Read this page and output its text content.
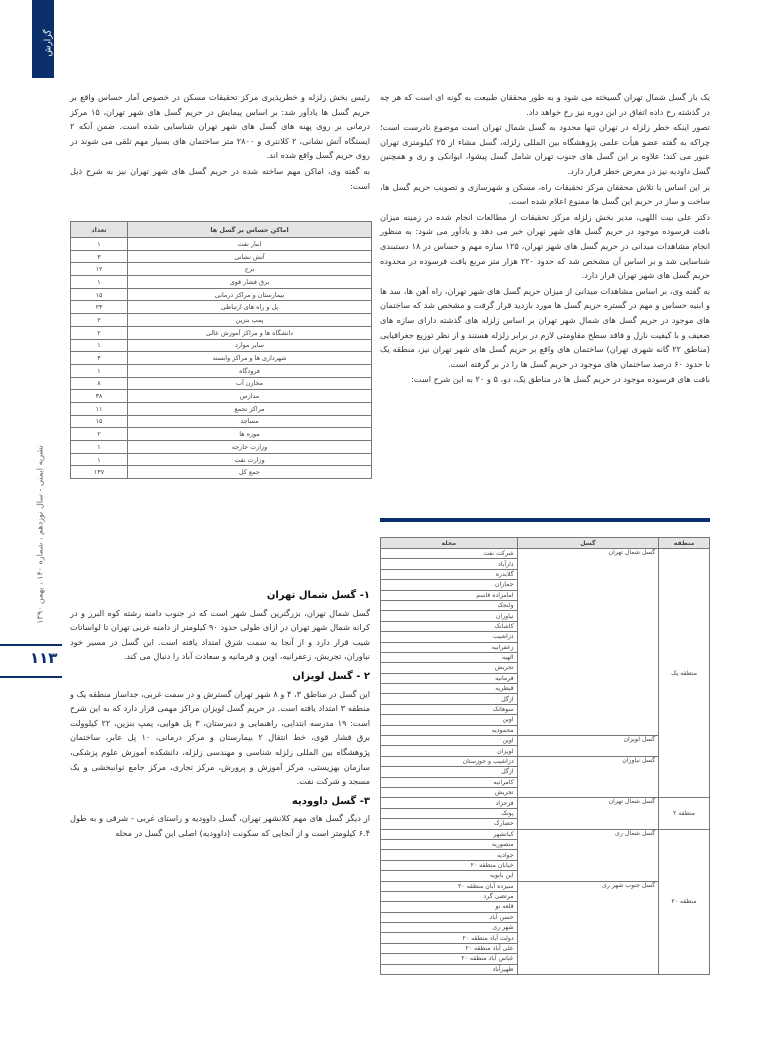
گزارش
نشریه ایمنی - سال نوزدهم ، شماره ۱۴۰ ، بهمن ۱۳۹۰
۱۱۳

یک بار گسل شمال تهران گسیخته می شود و به طور محققان طبیعت به گونه ای است که هر چه در گذشته رخ داده اتفاق در این دوره نیز رخ خواهد داد.

تصور اینکه خطر زلزله در تهران تنها محدود به گسل شمال تهران است موضوع نادرست است؛ چراکه به گفته عضو هیأت علمی پژوهشگاه بین المللی زلزله، گسل مشاء از ۲۵ کیلومتری تهران عبور می کند؛ علاوه بر این گسل های جنوب تهران شامل گسل پیشوا، ایوانکی و ری و همچنین گسل داودیه نیز در معرض خطر قرار دارد.

بر این اساس با تلاش محققان مرکز تحقیقات راه، مسکن و شهرسازی و تصویب حریم گسل ها، ساخت و ساز در حریم این گسل ها ممنوع اعلام شده است.

دکتر علی بیت اللهی، مدیر بخش زلزله مرکز تحقیقات از مطالعات انجام شده در زمینه میزان بافت فرسوده موجود در حریم گسل های شهر تهران خبر می دهد و یادآور می شود: به منظور انجام مشاهدات میدانی در حریم گسل های شهر تهران، ۱۲۵ سازه مهم و حساس در ۱۸ دستبندی شناسایی شد و بر اساس آن مشخص شد که حدود ۲۲۰ هزار متر مربع بافت فرسوده در محدوده حریم گسل های شهر تهران قرار دارد.

به گفته وی، بر اساس مشاهدات میدانی از میزان حریم گسل های شهر تهران، راه آهن ها، سد ها و ابنیه حساس و مهم در گستره حریم گسل ها مورد بازدید قرار گرفت و مشخص شد که ساختمان های موجود در حریم گسل های شمال شهر تهران بر اساس زلزله های گذشته دارای سازه های ضعیف و با کیفیت نازل و فاقد سطح مقاومتی لازم در برابر زلزله هستند و از نظر توزیع جغرافیایی (مناطق ۲۲ گانه شهری تهران) ساختمان های واقع بر حریم گسل های شهر تهران نیز، منطقه یک با حدود ۶۰ درصد ساختمان های موجود در حریم گسل ها را در بر گرفته است.

بافت های فرسوده موجود در حریم گسل ها در مناطق یک، دو، ۵ و ۲۰ به این شرح است:

رئیس بخش زلزله و خطرپذیری مرکز تحقیقات مسکن در خصوص آمار حساس واقع بر حریم گسل ها یادآور شد: بر اساس پیمایش در حریم گسل های شهر تهران، ۱۵ مرکز درمانی بر روی پهنه های گسل های شهر تهران شناسایی شده است. ضمن آنکه ۲ ایستگاه آتش نشانی، ۲ کلانتری و ۲۸۰۰ متر ساختمان های بسیار مهم تلقی می شوند در روی حریم گسل واقع شده اند.

به گفته وی، اماکن مهم ساخته شده در حریم گسل های شهر تهران نیز به شرح ذیل است:

اماکن حساس بر گسل ها	تعداد
انبار نفت	۱
آتش نشانی	۳
برج	۱۲
برق فشار قوی	۱
بیمارستان و مراکز درمانی	۱۵
پل و راه های ارتباطی	۲۳
پمپ بنزین	۲
دانشگاه ها و مراکز آموزش عالی	۲
سایر موارد	۱
شهرداری ها و مراکز وابسته	۴
فرودگاه	۱
مخازن آب	۸
مدارس	۳۸
مراکز تجمع	۱۱
مساجد	۱۵
موزه ها	۲
وزارت خارجه	۱
وزارت نفت	۱
جمع کل	۱۳۷
۱- گسل شمال تهران

گسل شمال تهران، بزرگترین گسل شهر است که در جنوب دامنه رشته کوه البرز و در کرانه شمال شهر تهران در ازای طولی حدود ۹۰ کیلومتر از دامنه غربی تهران تا لواسانات شیب قرار دارد و از آنجا به سمت شرق امتداد یافته است. این گسل در مسیر خود نیاوران، تجریش، زعفرانیه، اوین و فرمانیه و سعادت آباد را دنبال می کند.

۲ - گسل لویزان

این گسل در مناطق ۳، ۴ و ۸ شهر تهران گسترش و در سمت غربی، جداساز منطقه یک و منطقه ۳ امتداد یافته است. در حریم گسل لویزان مراکز مهمی قرار دارد که به این شرح است: ۱۹ مدرسه ابتدایی، راهنمایی و دبیرستان، ۳ پل هوایی، پمپ بنزین، ۲۲ کیلوولت برق فشار قوی، خط انتقال ۲ بیمارستان و مرکز درمانی، ۱۰ پل عابر، ساختمان پژوهشگاه بین المللی زلزله شناسی و مهندسی زلزله، دانشکده آموزش علوم پزشکی، سازمان بهزیستی، مرکز آموزش و پرورش، مرکز تجاری، مرکز جامع توانبخشی و یک مسجد و شرکت نفت.

۳- گسل داوودیه

از دیگر گسل های مهم کلانشهر تهران، گسل داوودیه و راستای غربی - شرقی و به طول ۶.۴ کیلومتر است و از آنجایی که سکونت (داوودیه) اصلی این گسل در محله

منطقه	گسل	محله
منطقه یک	گسل شمال تهران	شرکت نفت
		دارآباد
		گلابدره
		جماران
		امامزاده قاسم
		ولنجک
		نیاوران
		کاشانک
		دزاشیب
		زعفرانیه
		الهیه
		تجریش
		فرمانیه
		قیطریه
		ازگل
		سوهانک
		اوین
		محمودیه
	گسل لویزان	اوین
		لویزان
	گسل نیاوران	دزاشیب و جوزستان
		ازگل
		کامرانیه
		تجریش
منطقه ۲	گسل شمال تهران	فرحزاد
		پونک
		حصارک
منطقه ۲۰	گسل شمال ری	کیانشهر
		منصوریه
		جوادیه
		خیابان منطقه ۲۰
		ابن بابویه
	گسل جنوب شهر ری	سیزده آبان منطقه ۲۰
		مرتضی گرد
		قلعه نو
		حسن آباد
		شهر ری
		دولت آباد منطقه ۲۰
		علی آباد منطقه ۲۰
		عباس آباد منطقه ۲۰
		ظهیرآباد
